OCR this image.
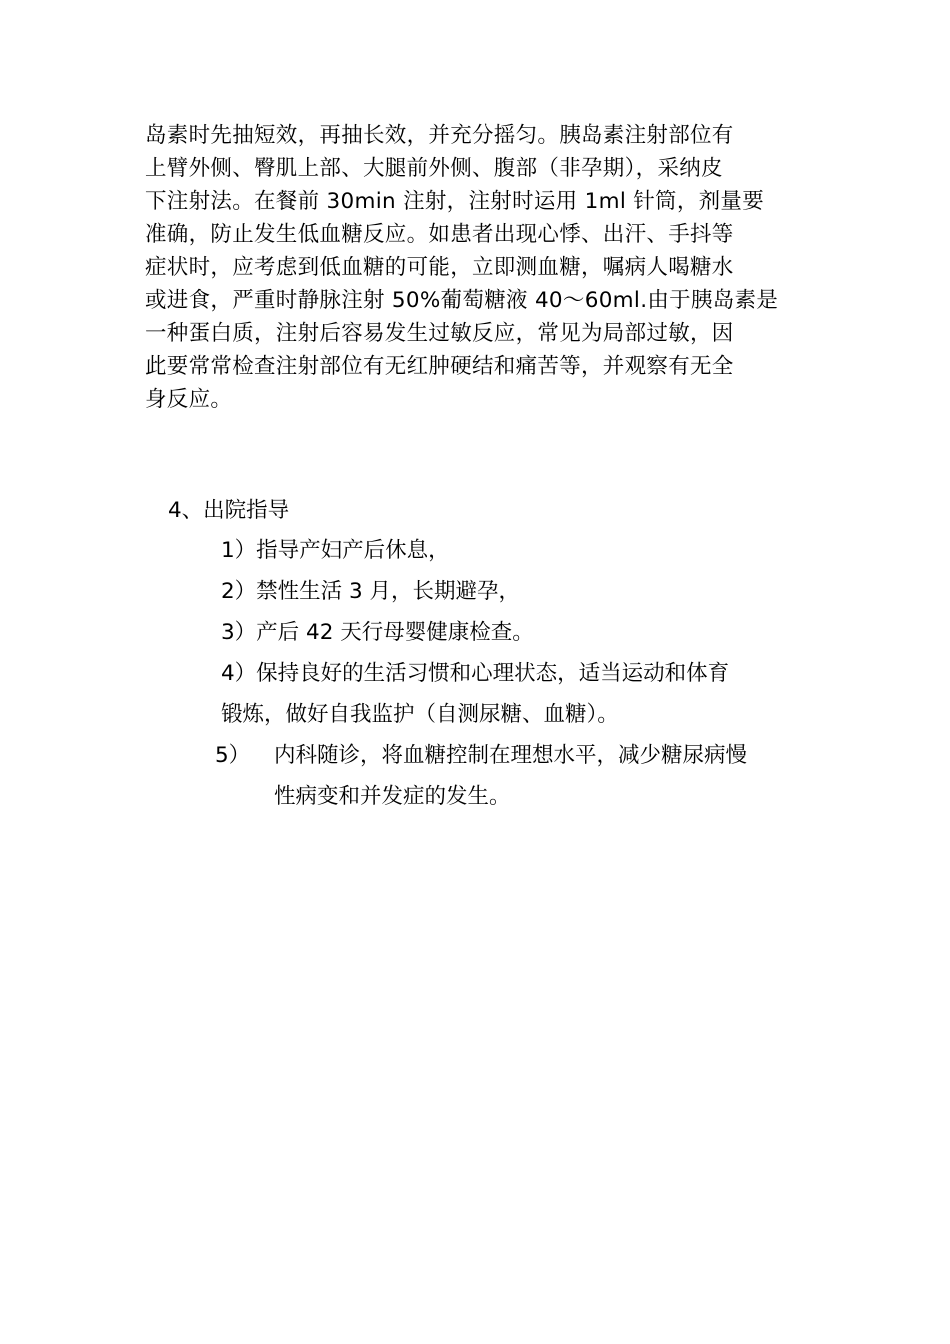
岛素时先抽短效，再抽长效，并充分摇匀。胰岛素注射部位有
上臂外侧、臀肌上部、大腿前外侧、腹部（非孕期），采纳皮
下注射法。在餐前 30min 注射，注射时运用 1ml 针筒，剂量要
准确，防止发生低血糖反应。如患者出现心悸、出汗、手抖等
症状时，应考虑到低血糖的可能，立即测血糖，嘱病人喝糖水
或进食，严重时静脉注射 50%葡萄糖液 40～60ml.由于胰岛素是
一种蛋白质，注射后容易发生过敏反应，常见为局部过敏，因
此要常常检查注射部位有无红肿硬结和痛苦等，并观察有无全
身反应。
4、出院指导
1）指导产妇产后休息，
2）禁性生活 3 月，长期避孕，
3）产后 42 天行母婴健康检查。
4）保持良好的生活习惯和心理状态，适当运动和体育
锻炼，做好自我监护（自测尿糖、血糖）。
5） 内科随诊，将血糖控制在理想水平，减少糖尿病慢
性病变和并发症的发生。
